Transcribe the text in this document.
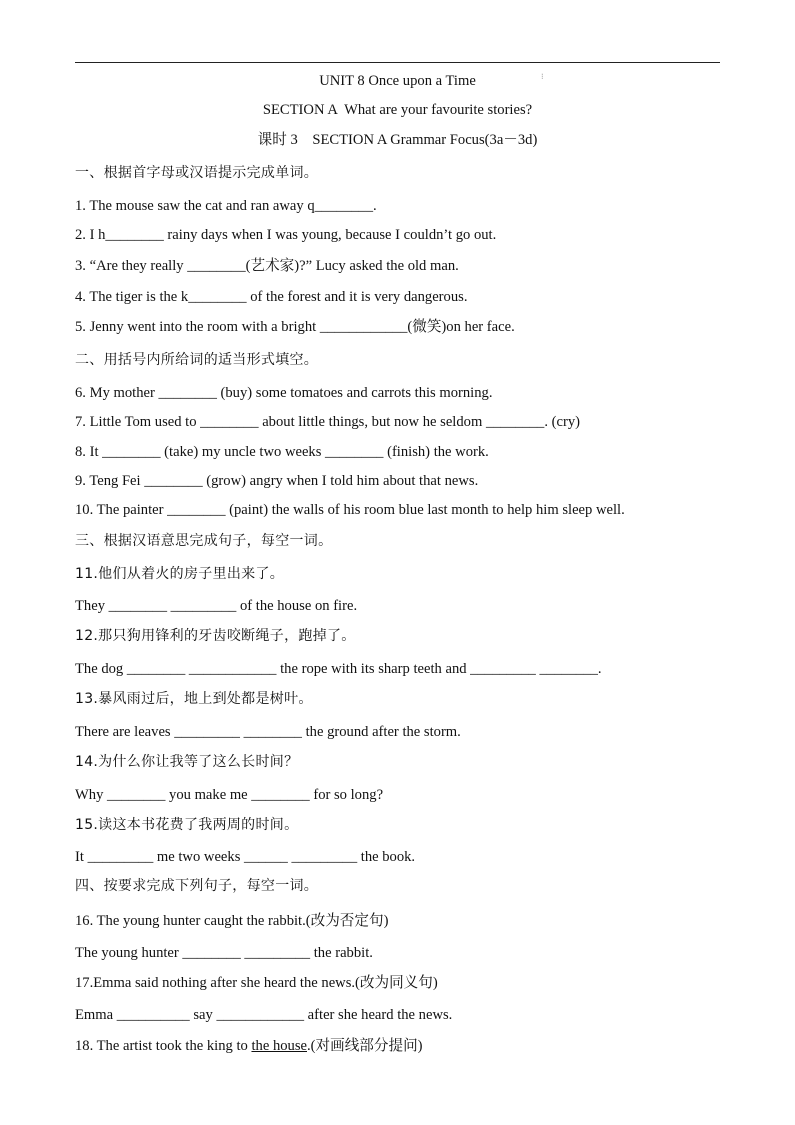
⁝
UNIT 8 Once upon a Time
SECTION A  What are your favourite stories?
课时 3    SECTION A Grammar Focus(3a－3d)
一、根据首字母或汉语提示完成单词。
1. The mouse saw the cat and ran away q________.
2. I h________ rainy days when I was young, because I couldn’t go out.
3. “Are they really ________(艺术家)?” Lucy asked the old man.
4. The tiger is the k________ of the forest and it is very dangerous.
5. Jenny went into the room with a bright ____________(微笑)on her face.
二、用括号内所给词的适当形式填空。
6. My mother ________ (buy) some tomatoes and carrots this morning.
7. Little Tom used to ________ about little things, but now he seldom ________. (cry)
8. It ________ (take) my uncle two weeks ________ (finish) the work.
9. Teng Fei ________ (grow) angry when I told him about that news.
10. The painter ________ (paint) the walls of his room blue last month to help him sleep well.
三、根据汉语意思完成句子，每空一词。
11.他们从着火的房子里出来了。
They ________ _________ of the house on fire.
12.那只狗用锋利的牙齿咬断绳子，跑掉了。
The dog ________ ____________ the rope with its sharp teeth and _________ ________.
13.暴风雨过后，地上到处都是树叶。
There are leaves _________ ________ the ground after the storm.
14.为什么你让我等了这么长时间？
Why ________ you make me ________ for so long?
15.读这本书花费了我两周的时间。
It _________ me two weeks ______ _________ the book.
四、按要求完成下列句子，每空一词。
16. The young hunter caught the rabbit.(改为否定句)
The young hunter ________ _________ the rabbit.
17.Emma said nothing after she heard the news.(改为同义句)
Emma __________ say ____________ after she heard the news.
18. The artist took the king to the house.(对画线部分提问)
